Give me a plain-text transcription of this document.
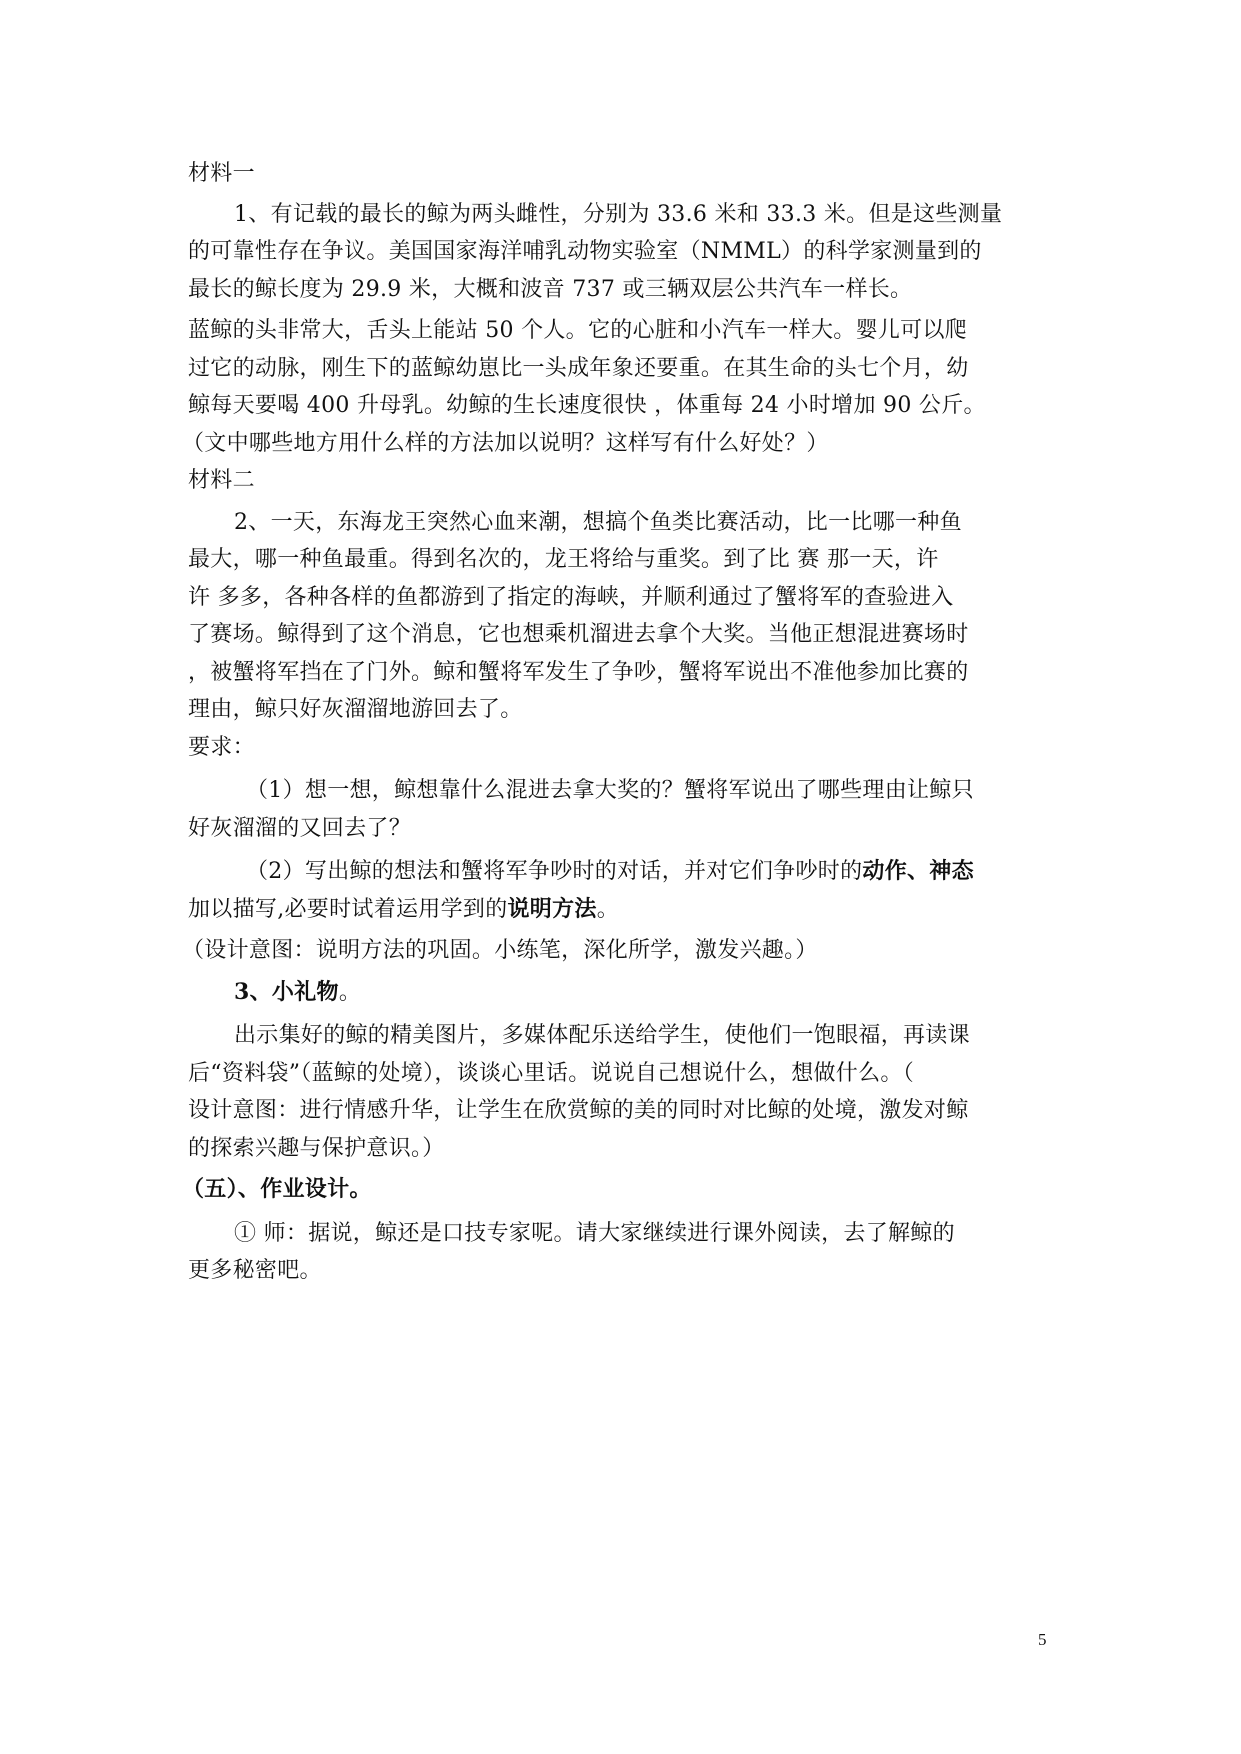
材料一
1、有记载的最长的鲸为两头雌性，分别为 33.6 米和 33.3 米。但是这些测量
的可靠性存在争议。美国国家海洋哺乳动物实验室（NMML）的科学家测量到的
最长的鲸长度为 29.9 米，大概和波音 737 或三辆双层公共汽车一样长。
蓝鲸的头非常大，舌头上能站 50 个人。它的心脏和小汽车一样大。婴儿可以爬
过它的动脉，刚生下的蓝鲸幼崽比一头成年象还要重。在其生命的头七个月，幼
鲸每天要喝 400 升母乳。幼鲸的生长速度很快 ，体重每 24 小时增加 90 公斤。
（文中哪些地方用什么样的方法加以说明？这样写有什么好处？）
材料二
2、一天，东海龙王突然心血来潮，想搞个鱼类比赛活动，比一比哪一种鱼
最大，哪一种鱼最重。得到名次的，龙王将给与重奖。到了比 赛 那一天，许
许 多多，各种各样的鱼都游到了指定的海峡，并顺利通过了蟹将军的查验进入
了赛场。鲸得到了这个消息，它也想乘机溜进去拿个大奖。当他正想混进赛场时
，被蟹将军挡在了门外。鲸和蟹将军发生了争吵，蟹将军说出不准他参加比赛的
理由，鲸只好灰溜溜地游回去了。
要求：
（1）想一想，鲸想靠什么混进去拿大奖的？蟹将军说出了哪些理由让鲸只
好灰溜溜的又回去了？
（2）写出鲸的想法和蟹将军争吵时的对话，并对它们争吵时的动作、神态
加以描写,必要时试着运用学到的说明方法。
（设计意图：说明方法的巩固。小练笔，深化所学，激发兴趣。）
3、小礼物。
出示集好的鲸的精美图片，多媒体配乐送给学生，使他们一饱眼福，再读课
后“资料袋”（蓝鲸的处境），谈谈心里话。说说自己想说什么，想做什么。（
设计意图：进行情感升华，让学生在欣赏鲸的美的同时对比鲸的处境，激发对鲸
的探索兴趣与保护意识。）
（五）、作业设计。
① 师：据说，鲸还是口技专家呢。请大家继续进行课外阅读，去了解鲸的
更多秘密吧。
5
